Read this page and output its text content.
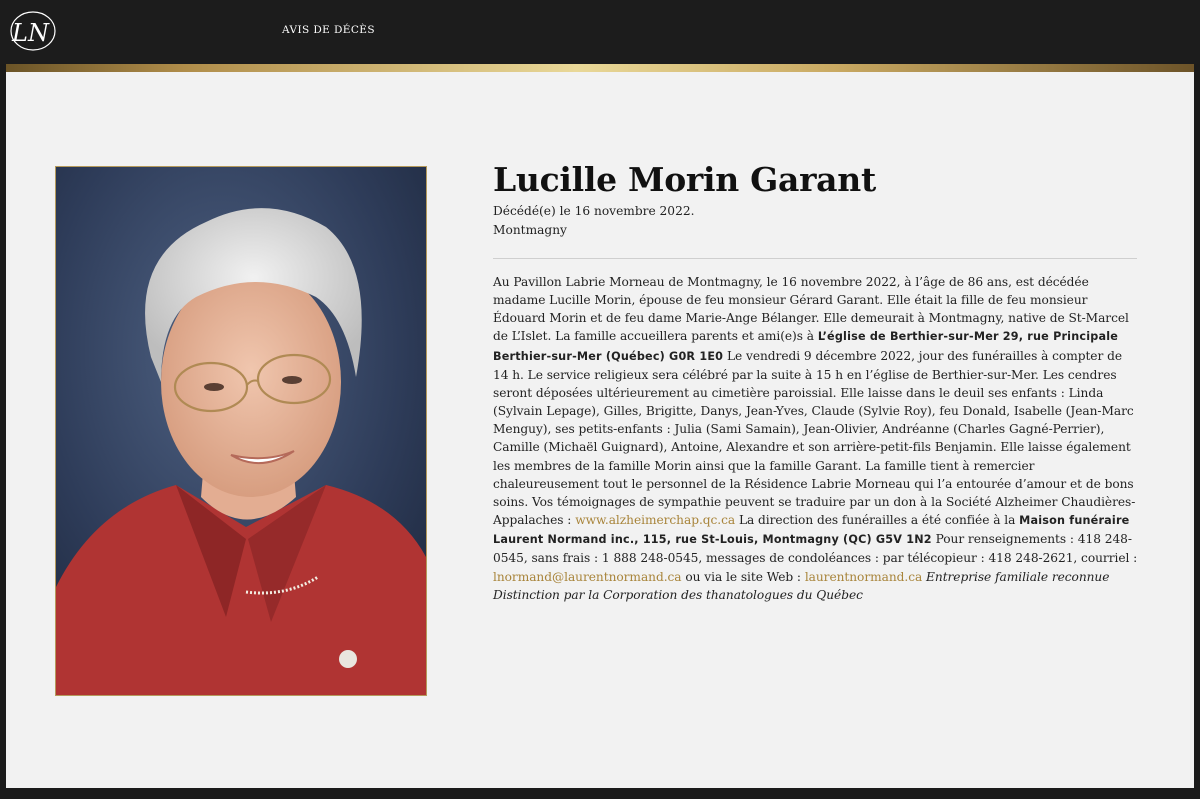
LN	AVIS DE DÉCÈS
Lucille Morin Garant
Décédé(e) le 16 novembre 2022.
Montmagny

Au Pavillon Labrie Morneau de Montmagny, le 16 novembre 2022, à l’âge de 86 ans, est décédée madame Lucille Morin, épouse de feu monsieur Gérard Garant. Elle était la fille de feu monsieur Édouard Morin et de feu dame Marie-Ange Bélanger. Elle demeurait à Montmagny, native de St-Marcel de L’Islet. La famille accueillera parents et ami(e)s à L’église de Berthier-sur-Mer 29, rue Principale Berthier-sur-Mer (Québec) G0R 1E0 Le vendredi 9 décembre 2022, jour des funérailles à compter de 14 h. Le service religieux sera célébré par la suite à 15 h en l’église de Berthier-sur-Mer. Les cendres seront déposées ultérieurement au cimetière paroissial. Elle laisse dans le deuil ses enfants : Linda (Sylvain Lepage), Gilles, Brigitte, Danys, Jean-Yves, Claude (Sylvie Roy), feu Donald, Isabelle (Jean-Marc Menguy), ses petits-enfants : Julia (Sami Samain), Jean-Olivier, Andréanne (Charles Gagné-Perrier), Camille (Michaël Guignard), Antoine, Alexandre et son arrière-petit-fils Benjamin. Elle laisse également les membres de la famille Morin ainsi que la famille Garant. La famille tient à remercier chaleureusement tout le personnel de la Résidence Labrie Morneau qui l’a entourée d’amour et de bons soins. Vos témoignages de sympathie peuvent se traduire par un don à la Société Alzheimer Chaudières-Appalaches : www.alzheimerchap.qc.ca La direction des funérailles a été confiée à la Maison funéraire Laurent Normand inc., 115, rue St-Louis, Montmagny (QC) G5V 1N2 Pour renseignements : 418 248-0545, sans frais : 1 888 248-0545, messages de condoléances : par télécopieur : 418 248-2621, courriel : lnormand@laurentnormand.ca ou via le site Web : laurentnormand.ca Entreprise familiale reconnue Distinction par la Corporation des thanatologues du Québec
